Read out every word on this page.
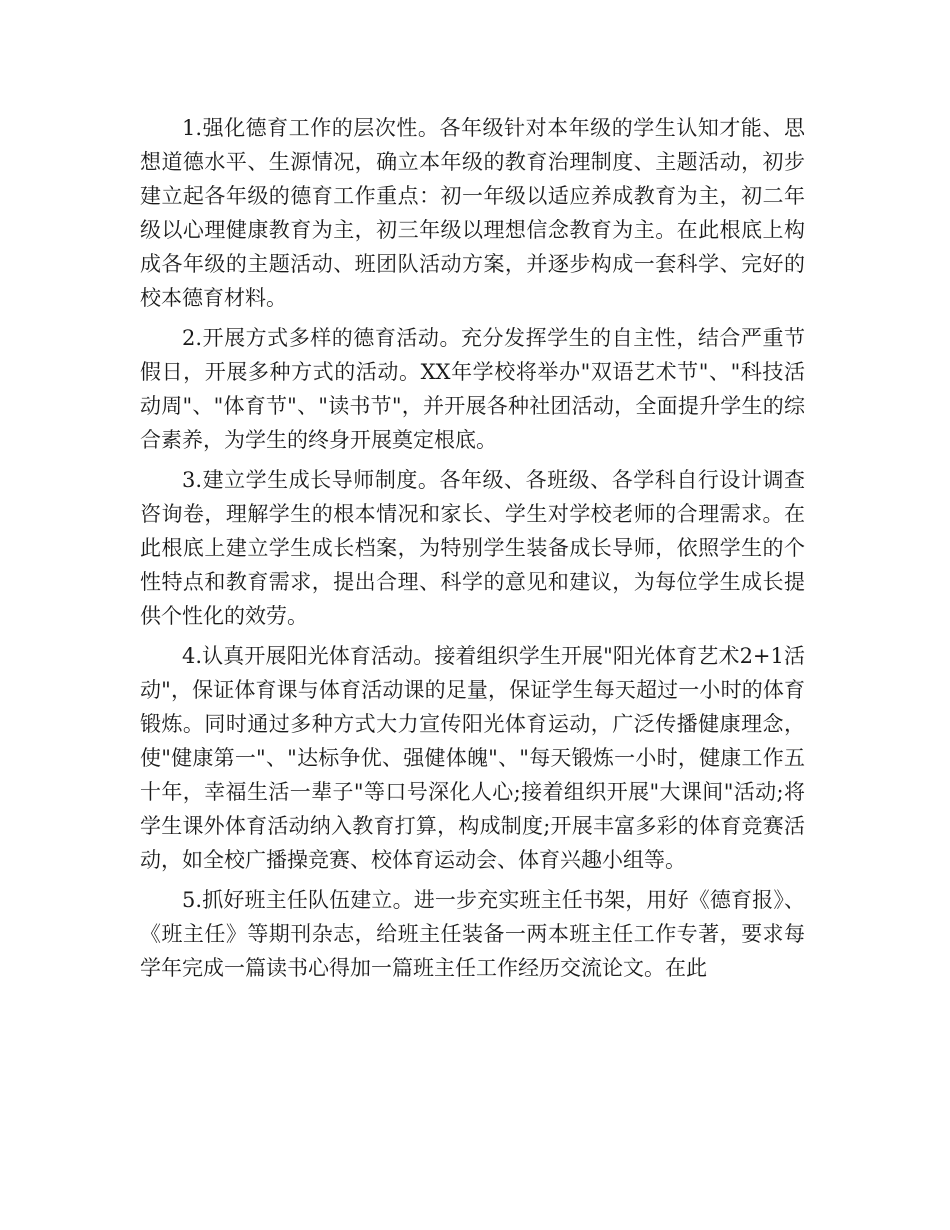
1.强化德育工作的层次性。各年级针对本年级的学生认知才能、思想道德水平、生源情况，确立本年级的教育治理制度、主题活动，初步建立起各年级的德育工作重点：初一年级以适应养成教育为主，初二年级以心理健康教育为主，初三年级以理想信念教育为主。在此根底上构成各年级的主题活动、班团队活动方案，并逐步构成一套科学、完好的校本德育材料。

2.开展方式多样的德育活动。充分发挥学生的自主性，结合严重节假日，开展多种方式的活动。XX年学校将举办"双语艺术节"、"科技活动周"、"体育节"、"读书节"，并开展各种社团活动，全面提升学生的综合素养，为学生的终身开展奠定根底。

3.建立学生成长导师制度。各年级、各班级、各学科自行设计调查咨询卷，理解学生的根本情况和家长、学生对学校老师的合理需求。在此根底上建立学生成长档案，为特别学生装备成长导师，依照学生的个性特点和教育需求，提出合理、科学的意见和建议，为每位学生成长提供个性化的效劳。

4.认真开展阳光体育活动。接着组织学生开展"阳光体育艺术2+1活动"，保证体育课与体育活动课的足量，保证学生每天超过一小时的体育锻炼。同时通过多种方式大力宣传阳光体育运动，广泛传播健康理念，使"健康第一"、"达标争优、强健体魄"、"每天锻炼一小时，健康工作五十年，幸福生活一辈子"等口号深化人心;接着组织开展"大课间"活动;将学生课外体育活动纳入教育打算，构成制度;开展丰富多彩的体育竞赛活动，如全校广播操竞赛、校体育运动会、体育兴趣小组等。

5.抓好班主任队伍建立。进一步充实班主任书架，用好《德育报》、《班主任》等期刊杂志，给班主任装备一两本班主任工作专著，要求每学年完成一篇读书心得加一篇班主任工作经历交流论文。在此
